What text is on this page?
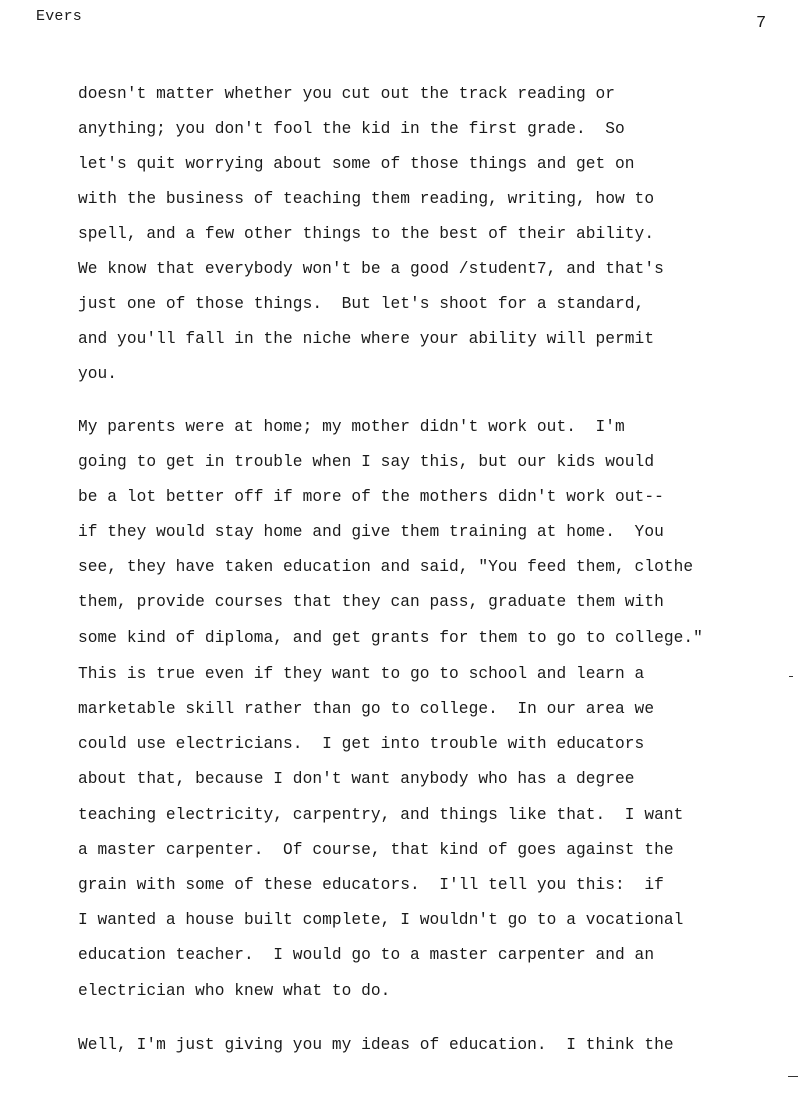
Evers	7
doesn't matter whether you cut out the track reading or
anything; you don't fool the kid in the first grade.  So
let's quit worrying about some of those things and get on
with the business of teaching them reading, writing, how to
spell, and a few other things to the best of their ability.
We know that everybody won't be a good /student7, and that's
just one of those things.  But let's shoot for a standard,
and you'll fall in the niche where your ability will permit
you.
My parents were at home; my mother didn't work out.  I'm
going to get in trouble when I say this, but our kids would
be a lot better off if more of the mothers didn't work out--
if they would stay home and give them training at home.  You
see, they have taken education and said, "You feed them, clothe
them, provide courses that they can pass, graduate them with
some kind of diploma, and get grants for them to go to college."
This is true even if they want to go to school and learn a
marketable skill rather than go to college.  In our area we
could use electricians.  I get into trouble with educators
about that, because I don't want anybody who has a degree
teaching electricity, carpentry, and things like that.  I want
a master carpenter.  Of course, that kind of goes against the
grain with some of these educators.  I'll tell you this:  if
I wanted a house built complete, I wouldn't go to a vocational
education teacher.  I would go to a master carpenter and an
electrician who knew what to do.
Well, I'm just giving you my ideas of education.  I think the
